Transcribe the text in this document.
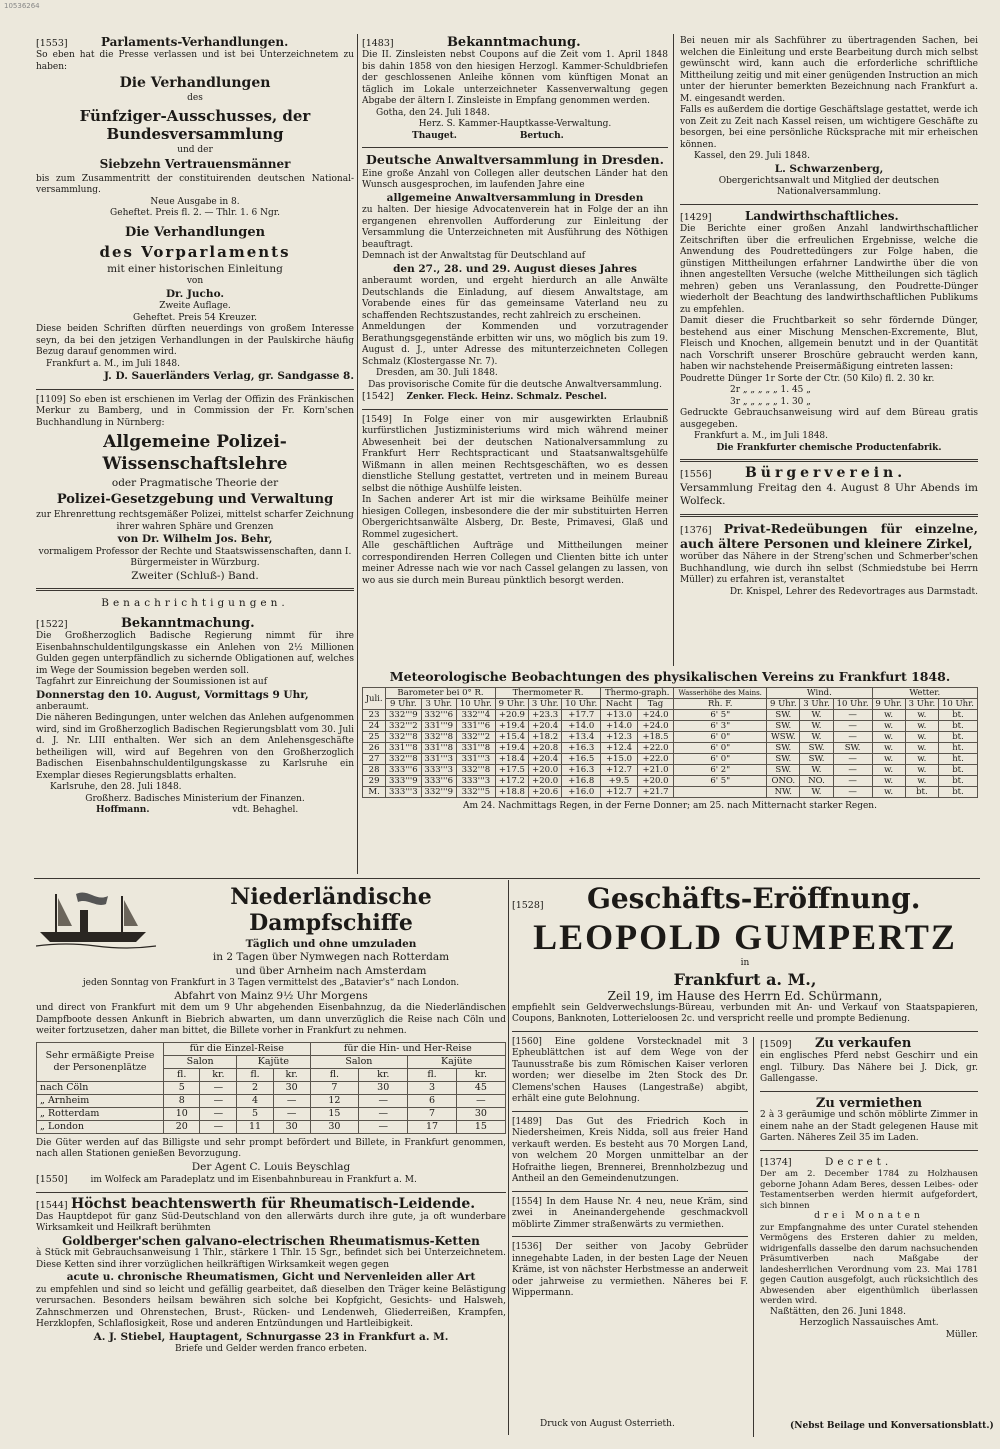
10536264

[1553]	Parlaments-Verhandlungen.

So eben hat die Presse verlassen und ist bei Unterzeichnetem zu haben:

Die Verhandlungen

des

Fünfziger-Ausschusses, der Bundesversammlung

und der

Siebzehn Vertrauensmänner

bis zum Zusammentritt der constituirenden deutschen National-versammlung.

Neue Ausgabe in 8.

Geheftet. Preis fl. 2. — Thlr. 1. 6 Ngr.

Die Verhandlungen

des Vorparlaments

mit einer historischen Einleitung

von

Dr. Jucho.

Zweite Auflage.

Geheftet. Preis 54 Kreuzer.

Diese beiden Schriften dürften neuerdings von großem Interesse seyn, da bei den jetzigen Verhandlungen in der Paulskirche häufig Bezug darauf genommen wird.

Frankfurt a. M., im Juli 1848.

J. D. Sauerländers Verlag, gr. Sandgasse 8.

[1109] So eben ist erschienen im Verlag der Offizin des Fränkischen Merkur zu Bamberg, und in Commission der Fr. Korn'schen Buchhandlung in Nürnberg:

Allgemeine Polizei-Wissenschaftslehre

oder Pragmatische Theorie der

Polizei-Gesetzgebung und Verwaltung

zur Ehrenrettung rechtsgemäßer Polizei, mittelst scharfer Zeichnung ihrer wahren Sphäre und Grenzen

von Dr. Wilhelm Jos. Behr,

vormaligem Professor der Rechte und Staatswissenschaften, dann I. Bürgermeister in Würzburg.

Zweiter (Schluß-) Band.

Benachrichtigungen.

[1522]	Bekanntmachung.

Die Großherzoglich Badische Regierung nimmt für ihre Eisenbahnschuldentilgungskasse ein Anlehen von 2½ Millionen Gulden gegen unterpfändlich zu sichernde Obligationen auf, welches im Wege der Soumission begeben werden soll.

Tagfahrt zur Einreichung der Soumissionen ist auf

Donnerstag den 10. August, Vormittags 9 Uhr,

anberaumt.

Die näheren Bedingungen, unter welchen das Anlehen aufgenommen wird, sind im Großherzoglich Badischen Regierungsblatt vom 30. Juli d. J. Nr. LIII enthalten. Wer sich an dem Anlehensgeschäfte betheiligen will, wird auf Begehren von den Großherzoglich Badischen Eisenbahnschuldentilgungskasse zu Karlsruhe ein Exemplar dieses Regierungsblatts erhalten.

Karlsruhe, den 28. Juli 1848.

Großherz. Badisches Ministerium der Finanzen.

Hoffmann.	vdt. Behaghel.

[1483]	Bekanntmachung.

Die II. Zinsleisten nebst Coupons auf die Zeit vom 1. April 1848 bis dahin 1858 von den hiesigen Herzogl. Kammer-Schuldbriefen der geschlossenen Anleihe können vom künftigen Monat an täglich im Lokale unterzeichneter Kassenverwaltung gegen Abgabe der ältern I. Zinsleiste in Empfang genommen werden.

Gotha, den 24. Juli 1848.

Herz. S. Kammer-Hauptkasse-Verwaltung.

Thauget.	Bertuch.

Deutsche Anwaltversammlung in Dresden.

Eine große Anzahl von Collegen aller deutschen Länder hat den Wunsch ausgesprochen, im laufenden Jahre eine

allgemeine Anwaltversammlung in Dresden

zu halten. Der hiesige Advocatenverein hat in Folge der an ihn ergangenen ehrenvollen Aufforderung zur Einleitung der Versammlung die Unterzeichneten mit Ausführung des Nöthigen beauftragt.

Demnach ist der Anwaltstag für Deutschland auf

den 27., 28. und 29. August dieses Jahres

anberaumt worden, und ergeht hierdurch an alle Anwälte Deutschlands die Einladung, auf diesem Anwaltstage, am Vorabende eines für das gemeinsame Vaterland neu zu schaffenden Rechtszustandes, recht zahlreich zu erscheinen.

Anmeldungen der Kommenden und vorzutragender Berathungsgegenstände erbitten wir uns, wo möglich bis zum 19. August d. J., unter Adresse des mitunterzeichneten Collegen Schmalz (Klostergasse Nr. 7).

Dresden, am 30. Juli 1848.

Das provisorische Comite für die deutsche Anwaltversammlung.

[1542] Zenker. Fleck. Heinz. Schmalz. Peschel.

[1549] In Folge einer von mir ausgewirkten Erlaubniß kurfürstlichen Justizministeriums wird mich während meiner Abwesenheit bei der deutschen Nationalversammlung zu Frankfurt Herr Rechtspracticant und Staatsanwaltsgehülfe Wißmann in allen meinen Rechtsgeschäften, wo es dessen dienstliche Stellung gestattet, vertreten und in meinem Bureau selbst die nöthige Aushülfe leisten.

In Sachen anderer Art ist mir die wirksame Beihülfe meiner hiesigen Collegen, insbesondere die der mir substituirten Herren Obergerichtsanwälte Alsberg, Dr. Beste, Primavesi, Glaß und Rommel zugesichert.

Alle geschäftlichen Aufträge und Mittheilungen meiner correspondirenden Herren Collegen und Clienten bitte ich unter meiner Adresse nach wie vor nach Cassel gelangen zu lassen, von wo aus sie durch mein Bureau pünktlich besorgt werden.

Bei neuen mir als Sachführer zu übertragenden Sachen, bei welchen die Einleitung und erste Bearbeitung durch mich selbst gewünscht wird, kann auch die erforderliche schriftliche Mittheilung zeitig und mit einer genügenden Instruction an mich unter der hierunter bemerkten Bezeichnung nach Frankfurt a. M. eingesandt werden.

Falls es außerdem die dortige Geschäftslage gestattet, werde ich von Zeit zu Zeit nach Kassel reisen, um wichtigere Geschäfte zu besorgen, bei eine persönliche Rücksprache mit mir erheischen können.

Kassel, den 29. Juli 1848.

L. Schwarzenberg,

Obergerichtsanwalt und Mitglied der deutschen Nationalversammlung.

[1429]	Landwirthschaftliches.

Die Berichte einer großen Anzahl landwirthschaftlicher Zeitschriften über die erfreulichen Ergebnisse, welche die Anwendung des Poudrettedüngers zur Folge haben, die günstigen Mittheilungen erfahrner Landwirthe über die von ihnen angestellten Versuche (welche Mittheilungen sich täglich mehren) geben uns Veranlassung, den Poudrette-Dünger wiederholt der Beachtung des landwirthschaftlichen Publikums zu empfehlen.

Damit dieser die Fruchtbarkeit so sehr fördernde Dünger, bestehend aus einer Mischung Menschen-Excremente, Blut, Fleisch und Knochen, allgemein benutzt und in der Quantität nach Vorschrift unserer Broschüre gebraucht werden kann, haben wir nachstehende Preisermäßigung eintreten lassen:

Poudrette Dünger 1r Sorte der Ctr. (50 Kilo) fl. 2. 30 kr.

2r „ „ „ „ „ 1. 45 „

3r „ „ „ „ „ 1. 30 „

Gedruckte Gebrauchsanweisung wird auf dem Büreau gratis ausgegeben.

Frankfurt a. M., im Juli 1848.

Die Frankfurter chemische Productenfabrik.

[1556] Bürgerverein.

Versammlung Freitag den 4. August 8 Uhr Abends im Wolfeck.

[1376] Privat-Redeübungen für einzelne, auch ältere Personen und kleinere Zirkel,

worüber das Nähere in der Streng'schen und Schmerber'schen Buchhandlung, wie durch ihn selbst (Schmiedstube bei Herrn Müller) zu erfahren ist, veranstaltet

Dr. Knispel, Lehrer des Redevortrages aus Darmstadt.

Meteorologische Beobachtungen des physikalischen Vereins zu Frankfurt 1848.

Juli.	Barometer bei 0° R.			Thermometer R.			Thermo-graph.		Wasserhöhe des Mains.	Wind.			Wetter.		
	9 Uhr.	3 Uhr.	10 Uhr.	9 Uhr.	3 Uhr.	10 Uhr.	Nacht	Tag	Rh. F.	9 Uhr.	3 Uhr.	10 Uhr.	9 Uhr.	3 Uhr.	10 Uhr.
23	332'''9	332'''6	332'''4	+20.9	+23.3	+17.7	+13.0	+24.0	6' 5"	SW.	W.	—	w.	w.	bt.
24	332'''2	331'''9	331'''6	+19.4	+20.4	+14.0	+14.0	+24.0	6' 3"	SW.	W.	—	w.	w.	bt.
25	332'''8	332'''8	332'''2	+15.4	+18.2	+13.4	+12.3	+18.5	6' 0"	WSW.	W.	—	w.	w.	bt.
26	331'''8	331'''8	331'''8	+19.4	+20.8	+16.3	+12.4	+22.0	6' 0"	SW.	SW.	SW.	w.	w.	ht.
27	332'''8	331'''3	331'''3	+18.4	+20.4	+16.5	+15.0	+22.0	6' 0"	SW.	SW.	—	w.	w.	ht.
28	333'''6	333'''3	332'''8	+17.5	+20.0	+16.3	+12.7	+21.0	6' 2"	SW.	W.	—	w.	w.	bt.
29	333'''9	333'''6	333'''3	+17.2	+20.0	+16.8	+9.5	+20.0	6' 5"	ONO.	NO.	—	w.	w.	bt.
M.	333'''3	332'''9	332'''5	+18.8	+20.6	+16.0	+12.7	+21.7		NW.	W.	—	w.	bt.	bt.

Am 24. Nachmittags Regen, in der Ferne Donner; am 25. nach Mitternacht starker Regen.

Niederländische Dampfschiffe

Täglich und ohne umzuladen

in 2 Tagen über Nymwegen nach Rotterdam

und über Arnheim nach Amsterdam

jeden Sonntag von Frankfurt in 3 Tagen vermittelst des „Batavier's“ nach London.

Abfahrt von Mainz 9½ Uhr Morgens

und direct von Frankfurt mit dem um 9 Uhr abgehenden Eisenbahnzug, da die Niederländischen Dampfboote dessen Ankunft in Biebrich abwarten, um dann unverzüglich die Reise nach Cöln und weiter fortzusetzen, daher man bittet, die Billete vorher in Frankfurt zu nehmen.

Sehr ermäßigte Preise der Personenplätze	für die Einzel-Reise				für die Hin- und Her-Reise			
	Salon		Kajüte		Salon		Kajüte	
	fl.	kr.	fl.	kr.	fl.	kr.	fl.	kr.
nach Cöln	5	—	2	30	7	30	3	45
„ Arnheim	8	—	4	—	12	—	6	—
„ Rotterdam	10	—	5	—	15	—	7	30
„ London	20	—	11	30	30	—	17	15

Die Güter werden auf das Billigste und sehr prompt befördert und Billete, in Frankfurt genommen, nach allen Stationen genießen Bevorzugung.

Der Agent C. Louis Beyschlag

[1550]	im Wolfeck am Paradeplatz und im Eisenbahnbureau in Frankfurt a. M.

[1544] Höchst beachtenswerth für Rheumatisch-Leidende.

Das Hauptdepot für ganz Süd-Deutschland von den allerwärts durch ihre gute, ja oft wunderbare Wirksamkeit und Heilkraft berühmten

Goldberger'schen galvano-electrischen Rheumatismus-Ketten

à Stück mit Gebrauchsanweisung 1 Thlr., stärkere 1 Thlr. 15 Sgr., befindet sich bei Unterzeichnetem. Diese Ketten sind ihrer vorzüglichen heilkräftigen Wirksamkeit wegen gegen

acute u. chronische Rheumatismen, Gicht und Nervenleiden aller Art

zu empfehlen und sind so leicht und gefällig gearbeitet, daß dieselben den Träger keine Belästigung verursachen. Besonders heilsam bewähren sich solche bei Kopfgicht, Gesichts- und Halsweh, Zahnschmerzen und Ohrenstechen, Brust-, Rücken- und Lendenweh, Gliederreißen, Krampfen, Herzklopfen, Schlaflosigkeit, Rose und anderen Entzündungen und Hartleibigkeit.

A. J. Stiebel, Hauptagent, Schnurgasse 23 in Frankfurt a. M.

Briefe und Gelder werden franco erbeten.

[1528] Geschäfts-Eröffnung.

LEOPOLD GUMPERTZ

in

Frankfurt a. M.,

Zeil 19, im Hause des Herrn Ed. Schürmann,

empfiehlt sein Geldverwechslungs-Büreau, verbunden mit An- und Verkauf von Staatspapieren, Coupons, Banknoten, Lotterieloosen 2c. und verspricht reelle und prompte Bedienung.

[1560] Eine goldene Vorstecknadel mit 3 Epheublättchen ist auf dem Wege von der Taunusstraße bis zum Römischen Kaiser verloren worden; wer dieselbe im 2ten Stock des Dr. Clemens'schen Hauses (Langestraße) abgibt, erhält eine gute Belohnung.

[1489] Das Gut des Friedrich Koch in Niedersheimen, Kreis Nidda, soll aus freier Hand verkauft werden. Es besteht aus 70 Morgen Land, von welchem 20 Morgen unmittelbar an der Hofraithe liegen, Brennerei, Brennholzbezug und Antheil an den Gemeindenutzungen.

[1554] In dem Hause Nr. 4 neu, neue Kräm, sind zwei in Aneinandergehende geschmackvoll möblirte Zimmer straßenwärts zu vermiethen.

[1536] Der seither von Jacoby Gebrüder innegehabte Laden, in der besten Lage der Neuen Kräme, ist von nächster Herbstmesse an anderweit oder jahrweise zu vermiethen. Näheres bei F. Wippermann.

[1509] Zu verkaufen

ein englisches Pferd nebst Geschirr und ein engl. Tilbury. Das Nähere bei J. Dick, gr. Gallengasse.

Zu vermiethen

2 à 3 geräumige und schön möblirte Zimmer in einem nahe an der Stadt gelegenen Hause mit Garten. Näheres Zeil 35 im Laden.

[1374]	Decret.

Der am 2. December 1784 zu Holzhausen geborne Johann Adam Beres, dessen Leibes- oder Testamentserben werden hiermit aufgefordert, sich binnen

drei Monaten

zur Empfangnahme des unter Curatel stehenden Vermögens des Ersteren dahier zu melden, widrigenfalls dasselbe den darum nachsuchenden Präsumtiverben nach Maßgabe der landesherrlichen Verordnung vom 23. Mai 1781 gegen Caution ausgefolgt, auch rücksichtlich des Abwesenden aber eigenthümlich überlassen werden wird.

Naßtätten, den 26. Juni 1848.

Herzoglich Nassauisches Amt.

Müller.

Druck von August Osterrieth.	(Nebst Beilage und Konversationsblatt.)
